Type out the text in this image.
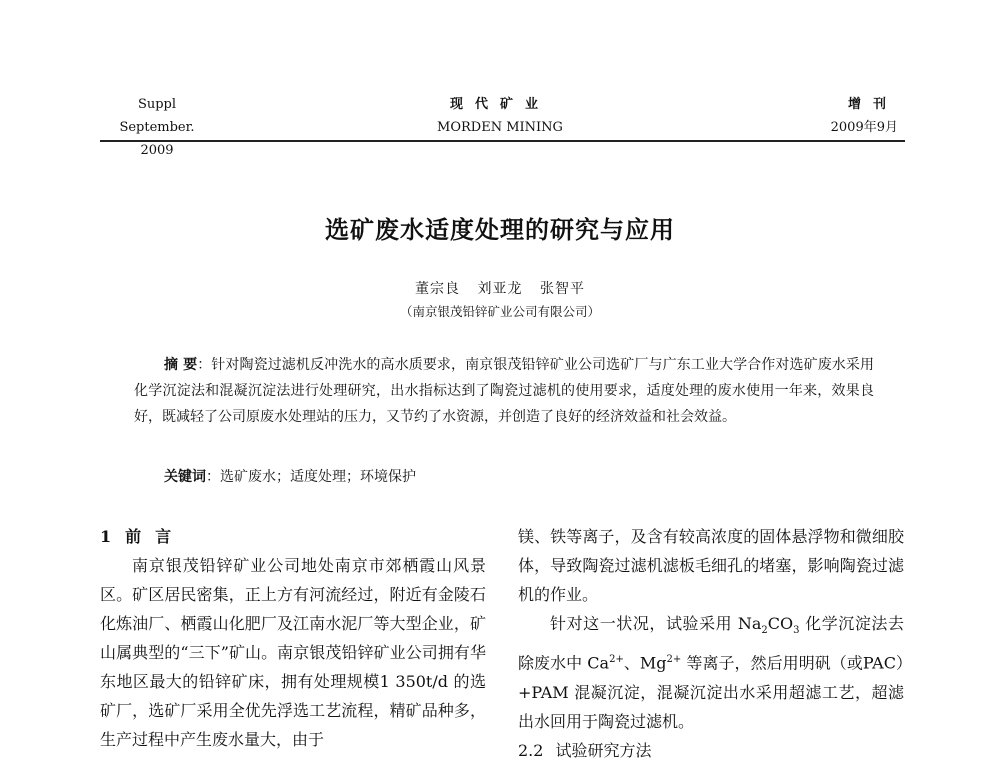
Suppl
September. 2009
现代矿业
MORDEN MINING
增刊
2009年9月
选矿废水适度处理的研究与应用
董宗良 刘亚龙 张智平
（南京银茂铅锌矿业公司有限公司）
摘 要：针对陶瓷过滤机反冲洗水的高水质要求，南京银茂铅锌矿业公司选矿厂与广东工业大学合作对选矿废水采用化学沉淀法和混凝沉淀法进行处理研究，出水指标达到了陶瓷过滤机的使用要求，适度处理的废水使用一年来，效果良好，既减轻了公司原废水处理站的压力，又节约了水资源，并创造了良好的经济效益和社会效益。
关键词：选矿废水；适度处理；环境保护

1 前言

南京银茂铅锌矿业公司地处南京市郊栖霞山风景区。矿区居民密集，正上方有河流经过，附近有金陵石化炼油厂、栖霞山化肥厂及江南水泥厂等大型企业，矿山属典型的“三下”矿山。南京银茂铅锌矿业公司拥有华东地区最大的铅锌矿床，拥有处理规模1 350t/d 的选矿厂，选矿厂采用全优先浮选工艺流程，精矿品种多，生产过程中产生废水量大，由于

镁、铁等离子，及含有较高浓度的固体悬浮物和微细胶体，导致陶瓷过滤机滤板毛细孔的堵塞，影响陶瓷过滤机的作业。

针对这一状况，试验采用 $Na_2CO_3$ 化学沉淀法去除废水中 $Ca^{2+}$、$Mg^{2+}$ 等离子，然后用明矾（或PAC）+PAM 混凝沉淀，混凝沉淀出水采用超滤工艺，超滤出水回用于陶瓷过滤机。

2.2 试验研究方法
